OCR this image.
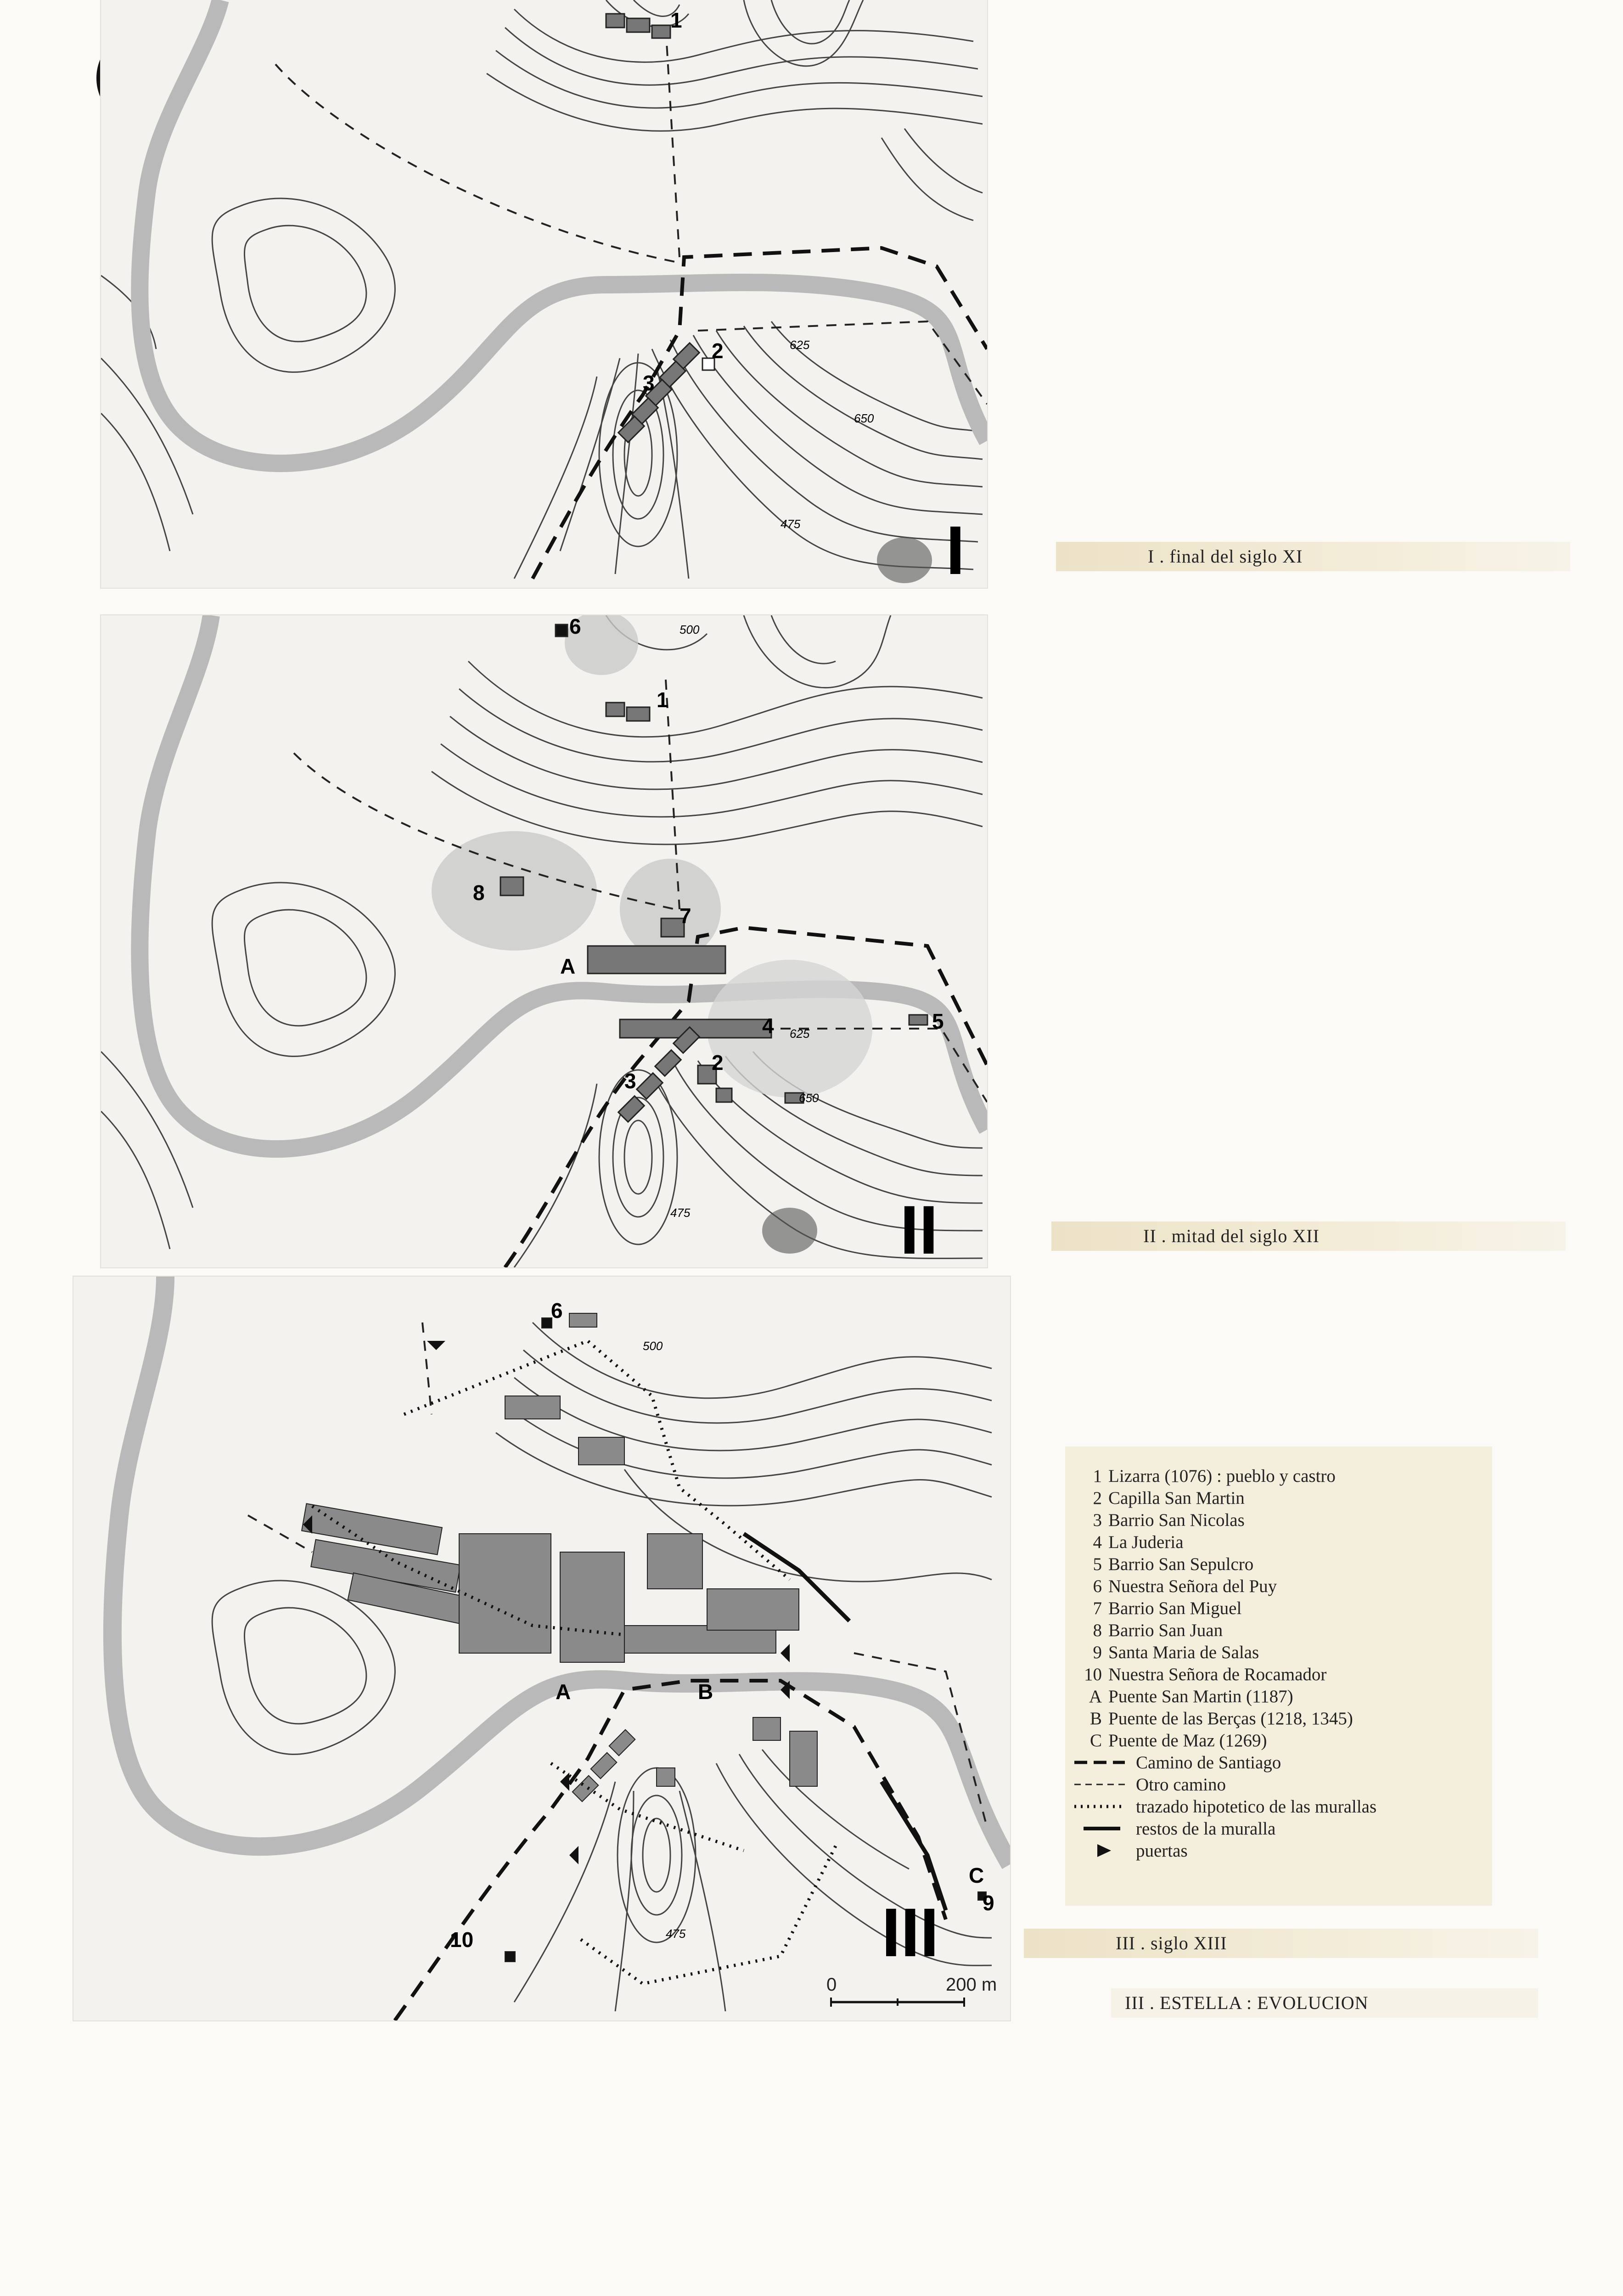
1
2
3
625
650
475 I	I . final del siglo XI
6
1
8
7
A
2
3
4	5
500
625
650
475	II	II . mitad del siglo XII
6
A	B
C
9
10
500
475	III
1 Lizarra (1076) : pueblo y castro
2 Capilla San Martin
3 Barrio San Nicolas
4 La Juderia
5 Barrio San Sepulcro
6 Nuestra Señora del Puy
7 Barrio San Miguel
8 Barrio San Juan
9 Santa Maria de Salas
10 Nuestra Señora de Rocamador
A Puente San Martin (1187)
B Puente de las Berças (1218, 1345)
C Puente de Maz (1269)
Camino de Santiago
Otro camino
trazado hipotetico de las murallas
restos de la muralla
puertas
III . siglo XIII
0	200 m
III . ESTELLA : EVOLUCION
